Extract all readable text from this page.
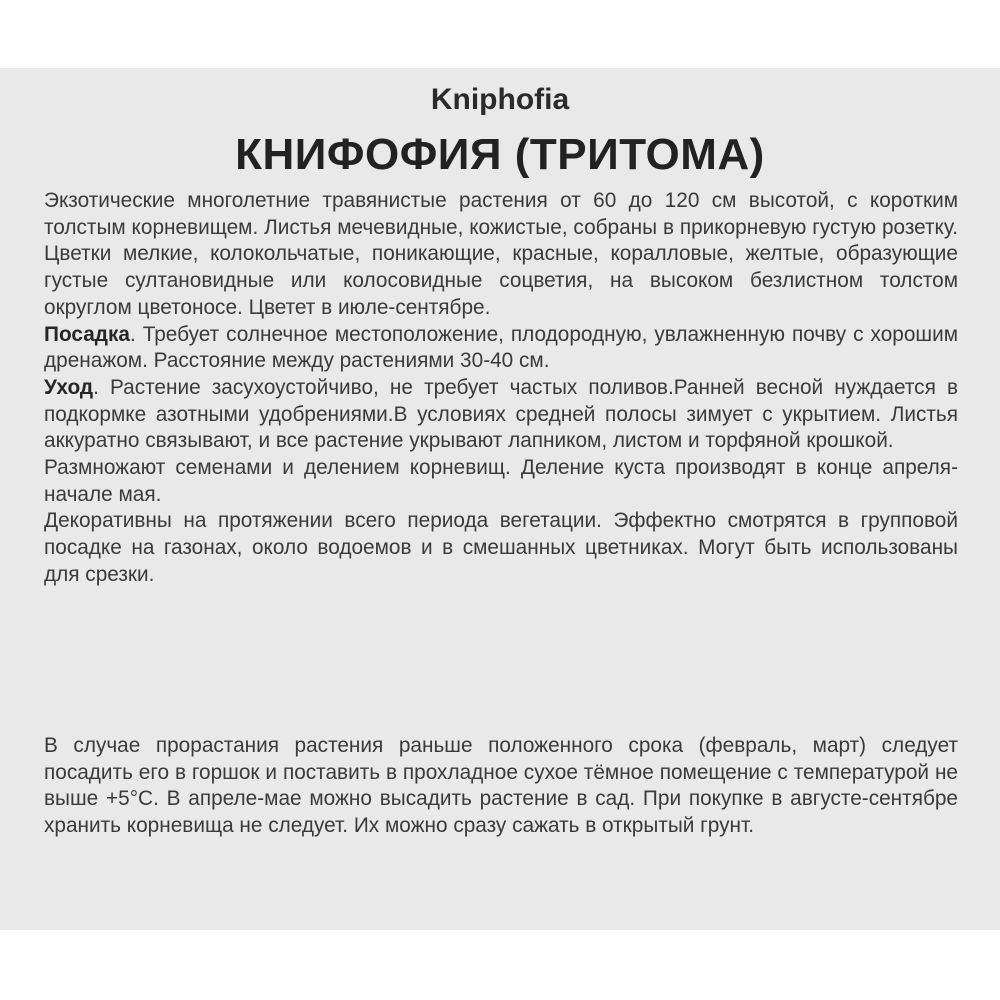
Kniphofia
КНИФОФИЯ (ТРИТОМА)

Экзотические многолетние травянистые растения от 60 до 120 см высотой, с коротким толстым корневищем. Листья мечевидные, кожистые, собраны в прикорневую густую розетку. Цветки мелкие, колокольчатые, поникающие, красные, коралловые, желтые, образующие густые султановидные или колосовидные соцветия, на высоком безлистном толстом округлом цветоносе. Цветет в июле-сентябре.

Посадка. Требует солнечное местоположение, плодородную, увлажненную почву с хорошим дренажом. Расстояние между растениями 30-40 см.

Уход. Растение засухоустойчиво, не требует частых поливов.Ранней весной нуждается в подкормке азотными удобрениями.В условиях средней полосы зимует с укрытием. Листья аккуратно связывают, и все растение укрывают лапником, листом и торфяной крошкой.

Размножают семенами и делением корневищ. Деление куста производят в конце апреля-начале мая.

Декоративны на протяжении всего периода вегетации. Эффектно смотрятся в групповой посадке на газонах, около водоемов и в смешанных цветниках. Могут быть использованы для срезки.

В случае прорастания растения раньше положенного срока (февраль, март) следует посадить его в горшок и поставить в прохладное сухое тёмное помещение с температурой не выше +5°С. В апреле-мае можно высадить растение в сад. При покупке в августе-сентябре хранить корневища не следует. Их можно сразу сажать в открытый грунт.
